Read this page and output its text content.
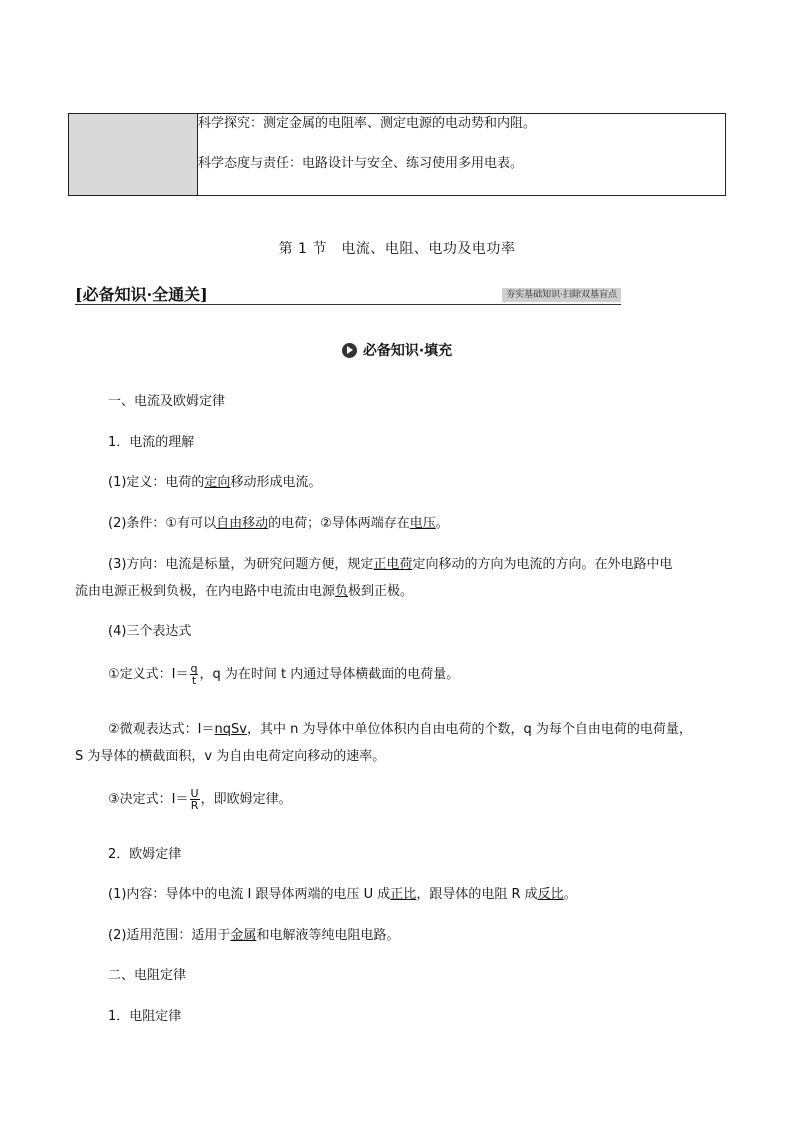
科学探究：测定金属的电阻率、测定电源的电动势和内阻。

科学态度与责任：电路设计与安全、练习使用多用电表。

第 1 节　电流、电阻、电功及电功率
[必备知识·全通关]	夯实基础知识·扫除双基盲点
必备知识·填充
一、电流及欧姆定律
1．电流的理解
(1)定义：电荷的定向移动形成电流。
(2)条件：①有可以自由移动的电荷；②导体两端存在电压。
(3)方向：电流是标量，为研究问题方便，规定正电荷定向移动的方向为电流的方向。在外电路中电
流由电源正极到负极，在内电路中电流由电源负极到正极。
(4)三个表达式
①定义式：$I= \frac{q}{t}$ ，q 为在时间 t 内通过导体横截面的电荷量。
②微观表达式：I＝nqSv，其中 n 为导体中单位体积内自由电荷的个数，q 为每个自由电荷的电荷量，
S 为导体的横截面积，v 为自由电荷定向移动的速率。
③决定式：$I= \frac{U}{R}$ ，即欧姆定律。
2．欧姆定律
(1)内容：导体中的电流 I 跟导体两端的电压 U 成正比，跟导体的电阻 R 成反比。
(2)适用范围：适用于金属和电解液等纯电阻电路。
二、电阻定律
1．电阻定律
